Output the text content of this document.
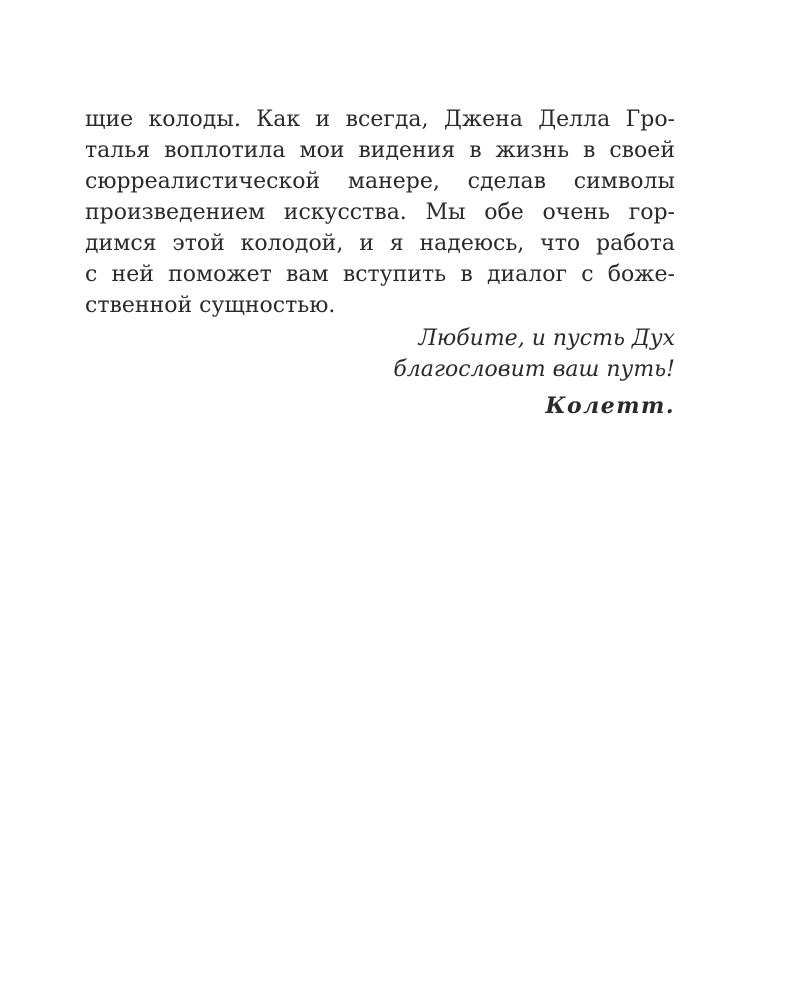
щие колоды. Как и всегда, Джена Делла Гро-
талья воплотила мои видения в жизнь в своей
сюрреалистической манере, сделав символы
произведением искусства. Мы обе очень гор-
димся этой колодой, и я надеюсь, что работа
с ней поможет вам вступить в диалог с боже-
ственной сущностью.
Любите, и пусть Дух
благословит ваш путь!
Колетт.
